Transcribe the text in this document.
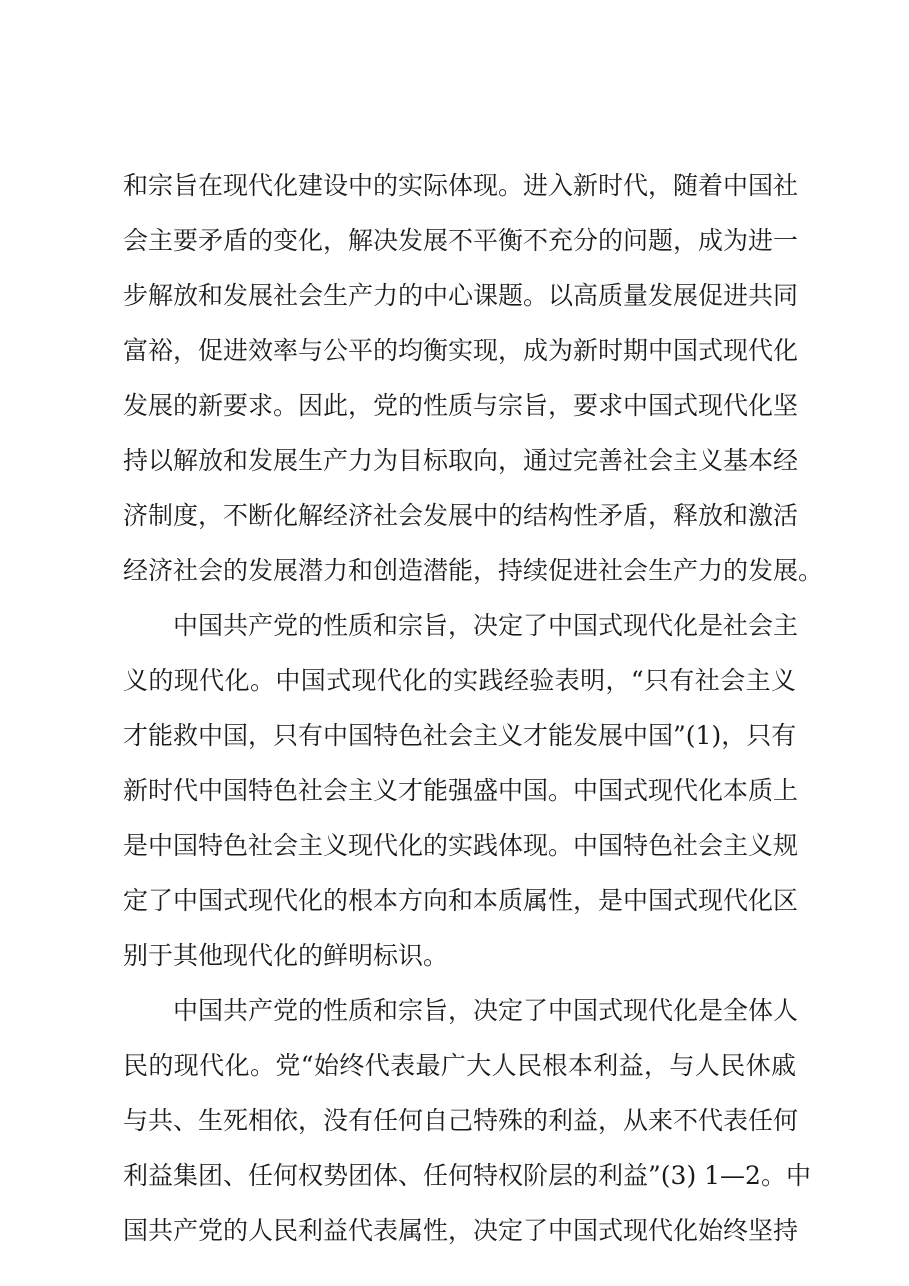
和宗旨在现代化建设中的实际体现。进入新时代，随着中国社
会主要矛盾的变化，解决发展不平衡不充分的问题，成为进一
步解放和发展社会生产力的中心课题。以高质量发展促进共同
富裕，促进效率与公平的均衡实现，成为新时期中国式现代化
发展的新要求。因此，党的性质与宗旨，要求中国式现代化坚
持以解放和发展生产力为目标取向，通过完善社会主义基本经
济制度，不断化解经济社会发展中的结构性矛盾，释放和激活
经济社会的发展潜力和创造潜能，持续促进社会生产力的发展。
中国共产党的性质和宗旨，决定了中国式现代化是社会主
义的现代化。中国式现代化的实践经验表明，“只有社会主义
才能救中国，只有中国特色社会主义才能发展中国”(1)，只有
新时代中国特色社会主义才能强盛中国。中国式现代化本质上
是中国特色社会主义现代化的实践体现。中国特色社会主义规
定了中国式现代化的根本方向和本质属性，是中国式现代化区
别于其他现代化的鲜明标识。
中国共产党的性质和宗旨，决定了中国式现代化是全体人
民的现代化。党“始终代表最广大人民根本利益，与人民休戚
与共、生死相依，没有任何自己特殊的利益，从来不代表任何
利益集团、任何权势团体、任何特权阶层的利益”(3) 1—2。中
国共产党的人民利益代表属性，决定了中国式现代化始终坚持
